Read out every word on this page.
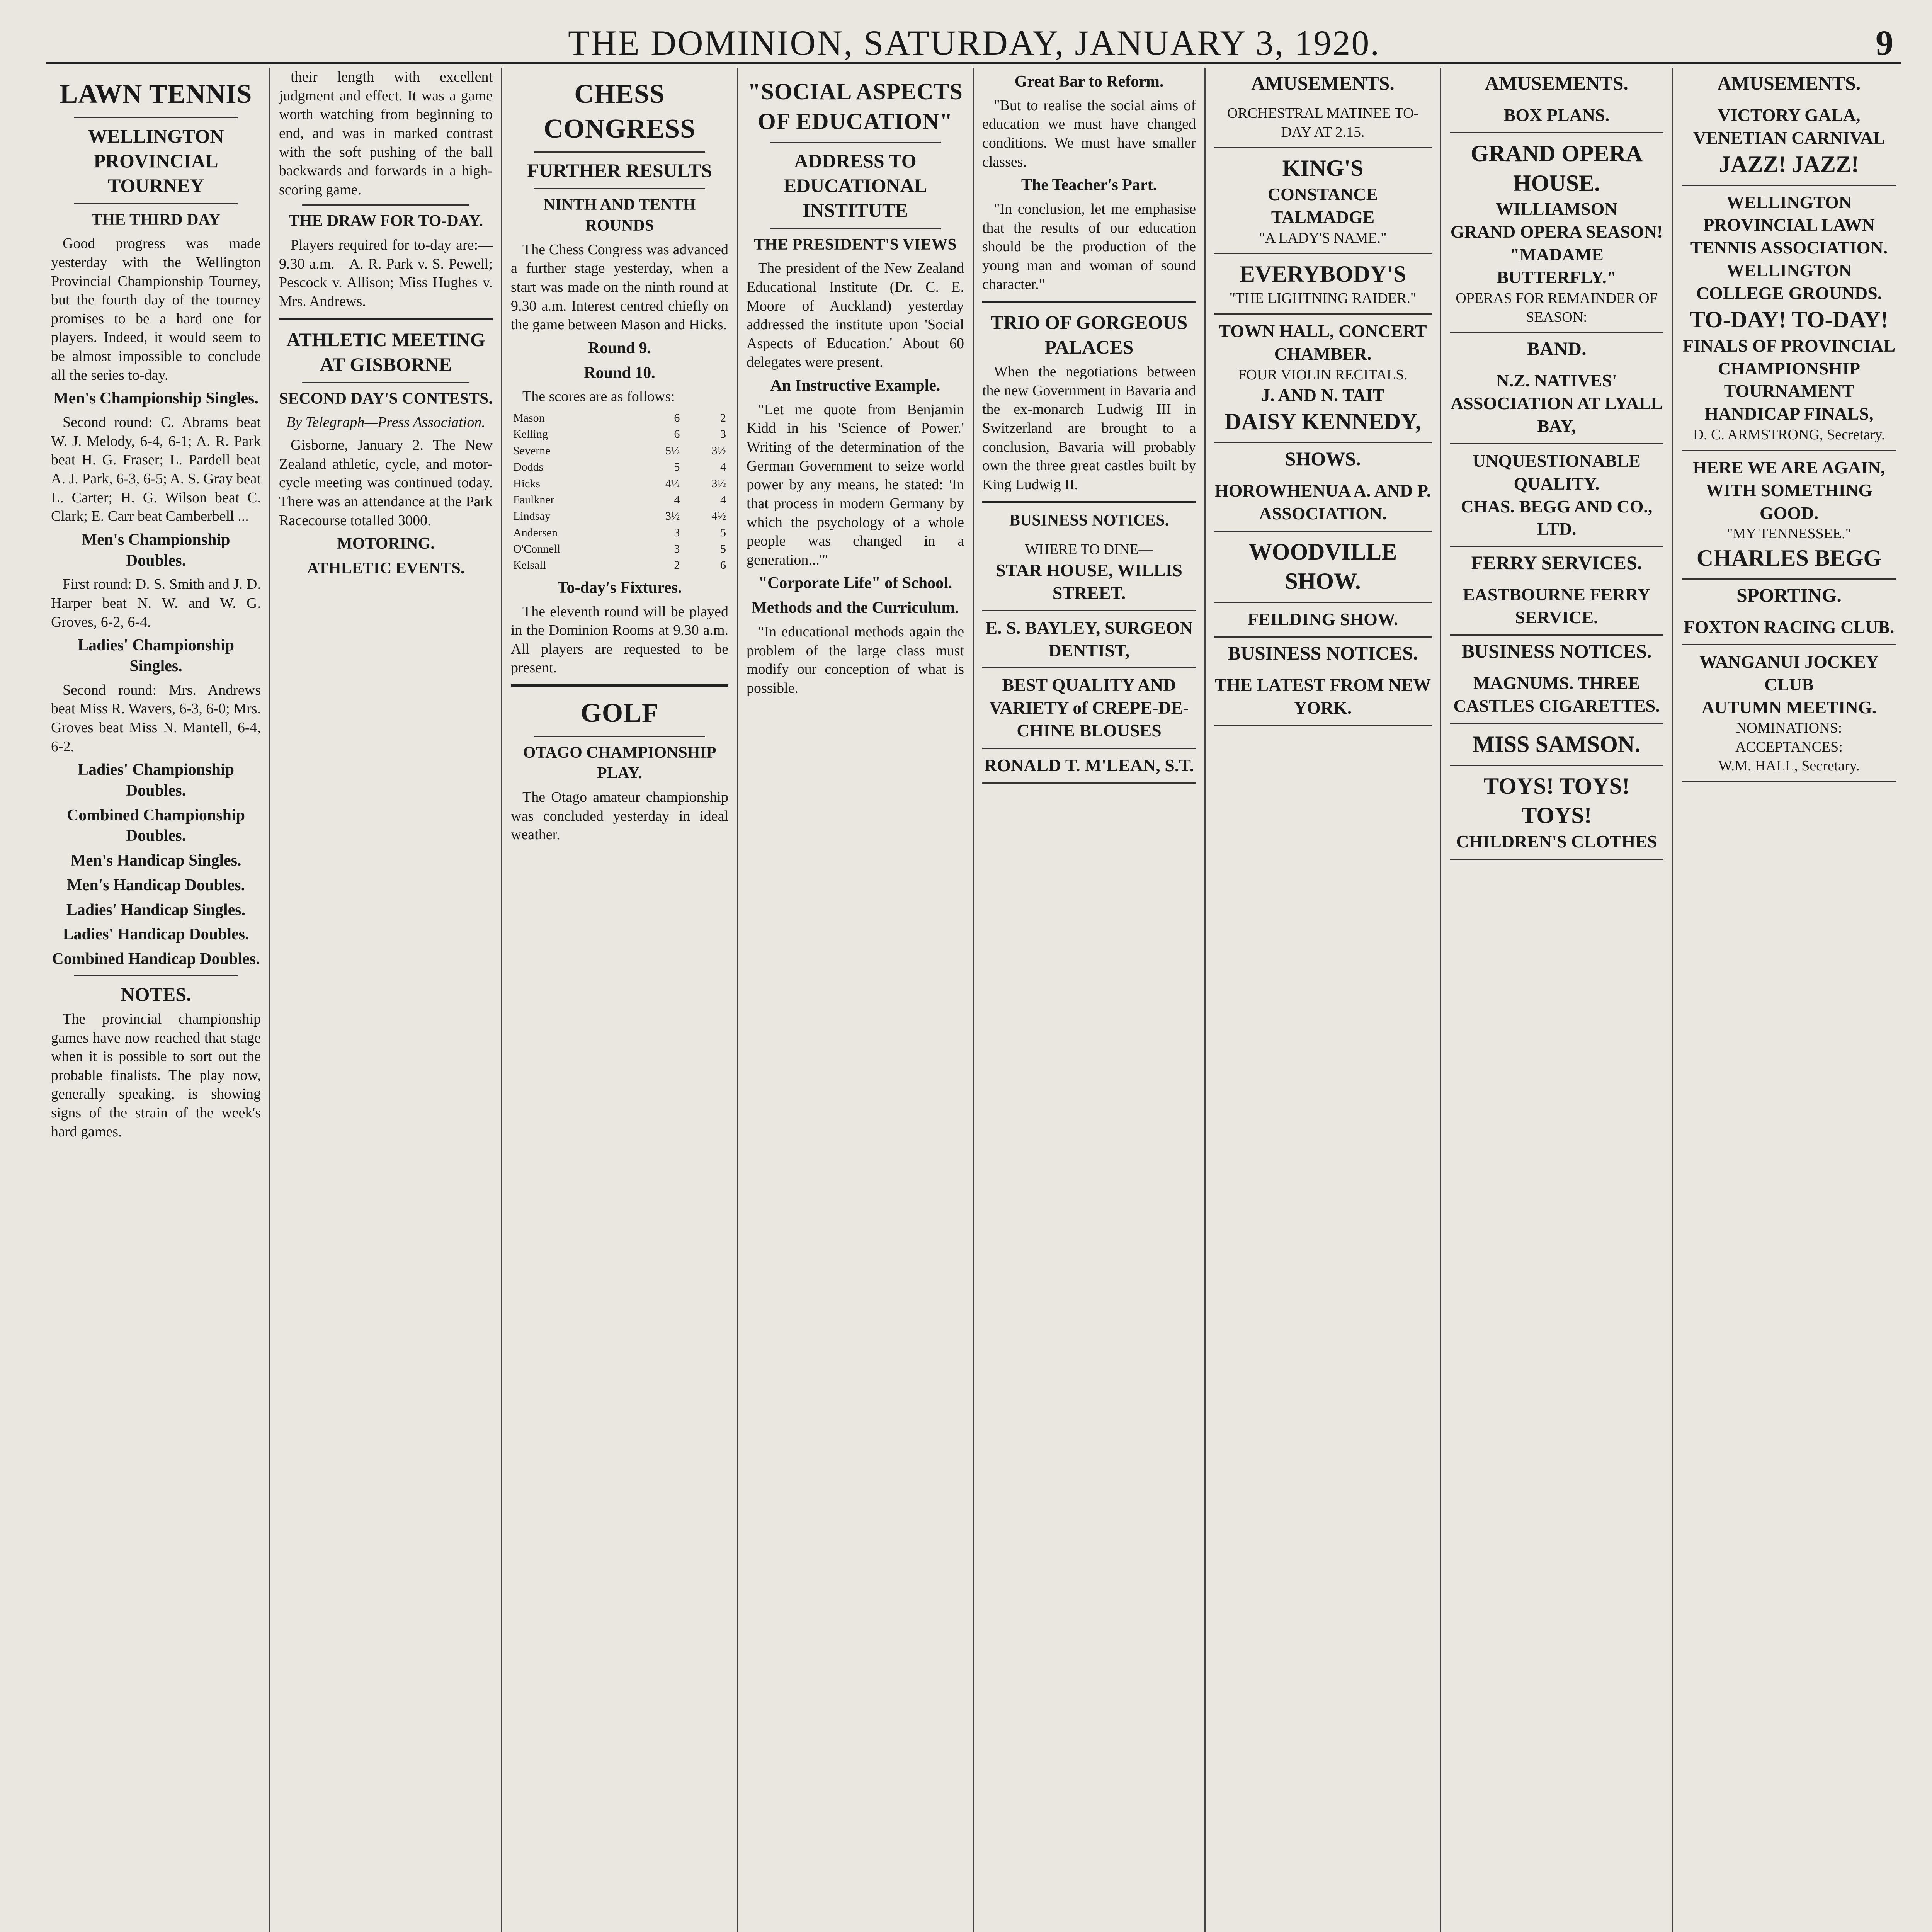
THE DOMINION, SATURDAY, JANUARY 3, 1920.	9
LAWN TENNIS
WELLINGTON PROVINCIAL TOURNEY
THE THIRD DAY

Good progress was made yesterday with the Wellington Provincial Championship Tourney, but the fourth day of the tourney promises to be a hard one for players. Indeed, it would seem to be almost impossible to conclude all the series to-day.

Men's Championship Singles.

Second round: C. Abrams beat W. J. Melody, 6-4, 6-1; A. R. Park beat H. G. Fraser; L. Pardell beat A. J. Park, 6-3, 6-5; A. S. Gray beat L. Carter; H. G. Wilson beat C. Clark; E. Carr beat Camberbell ...

Men's Championship Doubles.

First round: D. S. Smith and J. D. Harper beat N. W. and W. G. Groves, 6-2, 6-4.

Ladies' Championship Singles.

Second round: Mrs. Andrews beat Miss R. Wavers, 6-3, 6-0; Mrs. Groves beat Miss N. Mantell, 6-4, 6-2.

Ladies' Championship Doubles.
Combined Championship Doubles.
Men's Handicap Singles.
Men's Handicap Doubles.
Ladies' Handicap Singles.
Ladies' Handicap Doubles.
Combined Handicap Doubles.
NOTES.

The provincial championship games have now reached that stage when it is possible to sort out the probable finalists. The play now, generally speaking, is showing signs of the strain of the week's hard games.

their length with excellent judgment and effect. It was a game worth watching from beginning to end, and was in marked contrast with the soft pushing of the ball backwards and forwards in a high-scoring game.

THE DRAW FOR TO-DAY.

Players required for to-day are:— 9.30 a.m.—A. R. Park v. S. Pewell; Pescock v. Allison; Miss Hughes v. Mrs. Andrews.

ATHLETIC MEETING AT GISBORNE
SECOND DAY'S CONTESTS.

By Telegraph—Press Association.

Gisborne, January 2. The New Zealand athletic, cycle, and motor-cycle meeting was continued today. There was an attendance at the Park Racecourse totalled 3000.

MOTORING.
ATHLETIC EVENTS.
CHESS CONGRESS
FURTHER RESULTS
NINTH AND TENTH ROUNDS

The Chess Congress was advanced a further stage yesterday, when a start was made on the ninth round at 9.30 a.m. Interest centred chiefly on the game between Mason and Hicks.

Round 9.
Round 10.

The scores are as follows:

Mason	6	2
Kelling	6	3
Severne	5½	3½
Dodds	5	4
Hicks	4½	3½
Faulkner	4	4
Lindsay	3½	4½
Andersen	3	5
O'Connell	3	5
Kelsall	2	6
To-day's Fixtures.

The eleventh round will be played in the Dominion Rooms at 9.30 a.m. All players are requested to be present.

GOLF
OTAGO CHAMPIONSHIP PLAY.

The Otago amateur championship was concluded yesterday in ideal weather.

"SOCIAL ASPECTS OF EDUCATION"
ADDRESS TO EDUCATIONAL INSTITUTE
THE PRESIDENT'S VIEWS

The president of the New Zealand Educational Institute (Dr. C. E. Moore of Auckland) yesterday addressed the institute upon 'Social Aspects of Education.' About 60 delegates were present.

An Instructive Example.

"Let me quote from Benjamin Kidd in his 'Science of Power.' Writing of the determination of the German Government to seize world power by any means, he stated: 'In that process in modern Germany by which the psychology of a whole people was changed in a generation...'"

"Corporate Life" of School.
Methods and the Curriculum.

"In educational methods again the problem of the large class must modify our conception of what is possible.

Great Bar to Reform.

"But to realise the social aims of education we must have changed conditions. We must have smaller classes.

The Teacher's Part.

"In conclusion, let me emphasise that the results of our education should be the production of the young man and woman of sound character."

TRIO OF GORGEOUS PALACES

When the negotiations between the new Government in Bavaria and the ex-monarch Ludwig III in Switzerland are brought to a conclusion, Bavaria will probably own the three great castles built by King Ludwig II.

BUSINESS NOTICES.
WHERE TO DINE—
STAR HOUSE, WILLIS STREET.
E. S. BAYLEY, SURGEON DENTIST,
BEST QUALITY AND VARIETY of CREPE-DE-CHINE BLOUSES
RONALD T. M'LEAN, S.T.
AMUSEMENTS.
ORCHESTRAL MATINEE TO-DAY AT 2.15.
KING'S
CONSTANCE TALMADGE
"A LADY'S NAME."
EVERYBODY'S
"THE LIGHTNING RAIDER."
TOWN HALL, CONCERT CHAMBER.
FOUR VIOLIN RECITALS.
J. AND N. TAIT
DAISY KENNEDY,
SHOWS.
HOROWHENUA A. AND P. ASSOCIATION.
WOODVILLE SHOW.
FEILDING SHOW.
BUSINESS NOTICES.
THE LATEST FROM NEW YORK.
AMUSEMENTS.
BOX PLANS.
GRAND OPERA HOUSE.
WILLIAMSON
GRAND OPERA SEASON!
"MADAME BUTTERFLY."
OPERAS FOR REMAINDER OF SEASON:
BAND.
N.Z. NATIVES' ASSOCIATION AT LYALL BAY,
UNQUESTIONABLE QUALITY.
CHAS. BEGG AND CO., LTD.
FERRY SERVICES.
EASTBOURNE FERRY SERVICE.
BUSINESS NOTICES.
MAGNUMS. THREE CASTLES CIGARETTES.
MISS SAMSON.
TOYS! TOYS! TOYS!
CHILDREN'S CLOTHES
AMUSEMENTS.
VICTORY GALA, VENETIAN CARNIVAL
JAZZ! JAZZ!
WELLINGTON PROVINCIAL LAWN TENNIS ASSOCIATION.
WELLINGTON COLLEGE GROUNDS.
TO-DAY! TO-DAY!
FINALS OF PROVINCIAL CHAMPIONSHIP TOURNAMENT
HANDICAP FINALS,
D. C. ARMSTRONG, Secretary.
HERE WE ARE AGAIN, WITH SOMETHING GOOD.
"MY TENNESSEE."
CHARLES BEGG
SPORTING.
FOXTON RACING CLUB.
WANGANUI JOCKEY CLUB
AUTUMN MEETING.
NOMINATIONS:
ACCEPTANCES:
W.M. HALL, Secretary.
